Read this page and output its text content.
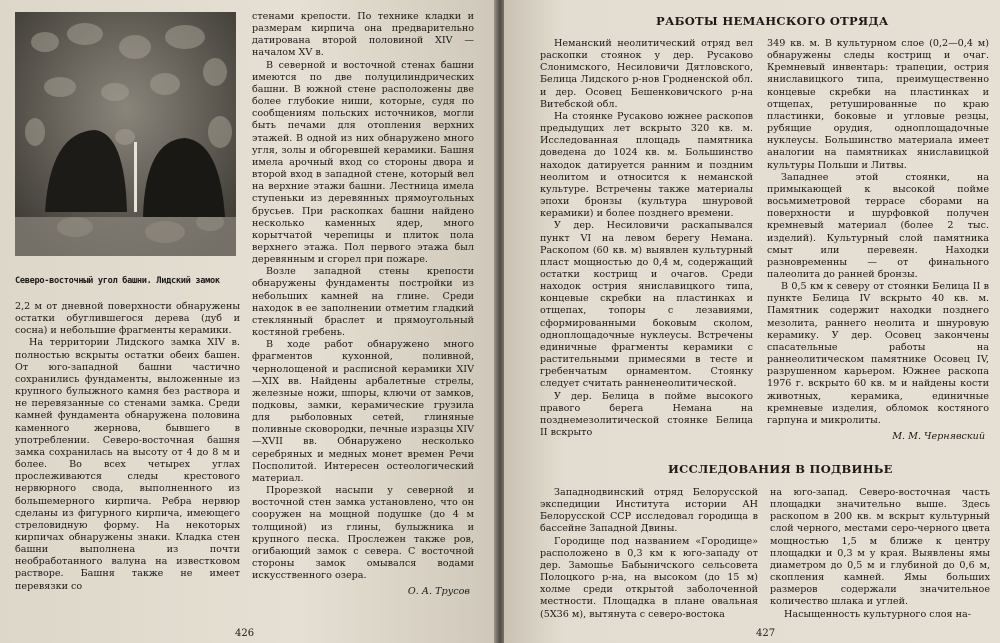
Северо-восточный угол башни. Лидский замок

2,2 м от дневной поверхности обнаружены остатки обуглившегося дерева (дуб и сосна) и небольшие фрагменты керамики.

На территории Лидского замка XIV в. полностью вскрыты остатки обеих башен. От юго-западной башни частично сохранились фундаменты, выложенные из крупного булыжного камня без раствора и не перевязанные со стенами замка. Среди камней фундамента обнаружена половина каменного жернова, бывшего в употреблении. Северо-восточная башня замка сохранилась на высоту от 4 до 8 м и более. Во всех четырех углах прослеживаются следы крестового нервюрного свода, выполненного из большемерного кирпича. Ребра нервюр сделаны из фигурного кирпича, имеющего стреловидную форму. На некоторых кирпичах обнаружены знаки. Кладка стен башни выполнена из почти необработанного валуна на известковом растворе. Башня также не имеет перевязки со

стенами крепости. По технике кладки и размерам кирпича она предварительно датирована второй половиной XIV — началом XV в.

В северной и восточной стенах башни имеются по две полуцилиндрических башни. В южной стене расположены две более глубокие ниши, которые, судя по сообщениям польских источников, могли быть печами для отопления верхних этажей. В одной из них обнаружено много угля, золы и обгоревшей керамики. Башня имела арочный вход со стороны двора и второй вход в западной стене, который вел на верхние этажи башни. Лестница имела ступеньки из деревянных прямоугольных брусьев. При раскопках башни найдено несколько каменных ядер, много корытчатой черепицы и плиток пола верхнего этажа. Пол первого этажа был деревянным и сгорел при пожаре.

Возле западной стены крепости обнаружены фундаменты постройки из небольших камней на глине. Среди находок в ее заполнении отметим гладкий стеклянный браслет и прямоугольный костяной гребень.

В ходе работ обнаружено много фрагментов кухонной, поливной, чернолощеной и расписной керамики XIV—XIX вв. Найдены арбалетные стрелы, железные ножи, шпоры, ключи от замков, подковы, замки, керамические грузила для рыболовных сетей, глиняные поливные сковородки, печные изразцы XIV—XVII вв. Обнаружено несколько серебряных и медных монет времен Речи Посполитой. Интересен остеологический материал.

Прорезкой насыпи у северной и восточной стен замка установлено, что он сооружен на мощной подушке (до 4 м толщиной) из глины, булыжника и крупного песка. Прослежен также ров, огибающий замок с севера. С восточной стороны замок омывался водами искусственного озера.

О. А. Трусов
426
РАБОТЫ НЕМАНСКОГО ОТРЯДА

Неманский неолитический отряд вел раскопки стоянок у дер. Русаково Слонимского, Несиловичи Дятловского, Белица Лидского р-нов Гродненской обл. и дер. Осовец Бешенковичского р-на Витебской обл.

На стоянке Русаково южнее раскопов предыдущих лет вскрыто 320 кв. м. Исследованная площадь памятника доведена до 1024 кв. м. Большинство находок датируется ранним и поздним неолитом и относится к неманской культуре. Встречены также материалы эпохи бронзы (культура шнуровой керамики) и более позднего времени.

У дер. Несиловичи раскапывался пункт VI на левом берегу Немана. Раскопом (60 кв. м) выявлен культурный пласт мощностью до 0,4 м, содержащий остатки кострищ и очагов. Среди находок острия яниславицкого типа, концевые скребки на пластинках и отщепах, топоры с лезавиями, сформированными боковым сколом, одноплощадочные нуклеусы. Встречены единичные фрагменты керамики с растительными примесями в тесте и гребенчатым орнаментом. Стоянку следует считать ранненеолитической.

У дер. Белица в пойме высокого правого берега Немана на позднемезолитической стоянке Белица II вскрыто

349 кв. м. В культурном слое (0,2—0,4 м) обнаружены следы кострищ и очаг. Кремневый инвентарь: трапеции, острия яниславицкого типа, преимущественно концевые скребки на пластинках и отщепах, ретушированные по краю пластинки, боковые и угловые резцы, рубящие орудия, одноплощадочные нуклеусы. Большинство материала имеет аналогии на памятниках яниславицкой культуры Польши и Литвы.

Западнее этой стоянки, на примыкающей к высокой пойме восьмиметровой террасе сборами на поверхности и шурфовкой получен кремневый материал (более 2 тыс. изделий). Культурный слой памятника смыт или перевеян. Находки разновременны — от финального палеолита до ранней бронзы.

В 0,5 км к северу от стоянки Белица II в пункте Белица IV вскрыто 40 кв. м. Памятник содержит находки позднего мезолита, раннего неолита и шнуровую керамику. У дер. Осовец закончены спасательные работы на раннеолитическом памятнике Осовец IV, разрушенном карьером. Южнее раскопа 1976 г. вскрыто 60 кв. м и найдены кости животных, керамика, единичные кремневые изделия, обломок костяного гарпуна и микролиты.

М. М. Чернявский
ИССЛЕДОВАНИЯ В ПОДВИНЬЕ

Западнодвинский отряд Белорусской экспедиции Института истории АН Белорусской ССР исследовал городища в бассейне Западной Двины.

Городище под названием «Городище» расположено в 0,3 км к юго-западу от дер. Замошье Бабыничского сельсовета Полоцкого р-на, на высоком (до 15 м) холме среди открытой заболоченной местности. Площадка в плане овальная (5Х36 м), вытянута с северо-востока

на юго-запад. Северо-восточная часть площадки значительно выше. Здесь раскопом в 200 кв. м вскрыт культурный слой черного, местами серо-черного цвета мощностью 1,5 м ближе к центру площадки и 0,3 м у края. Выявлены ямы диаметром до 0,5 м и глубиной до 0,6 м, скопления камней. Ямы больших размеров содержали значительное количество шлака и углей.

Насыщенность культурного слоя на-

427
